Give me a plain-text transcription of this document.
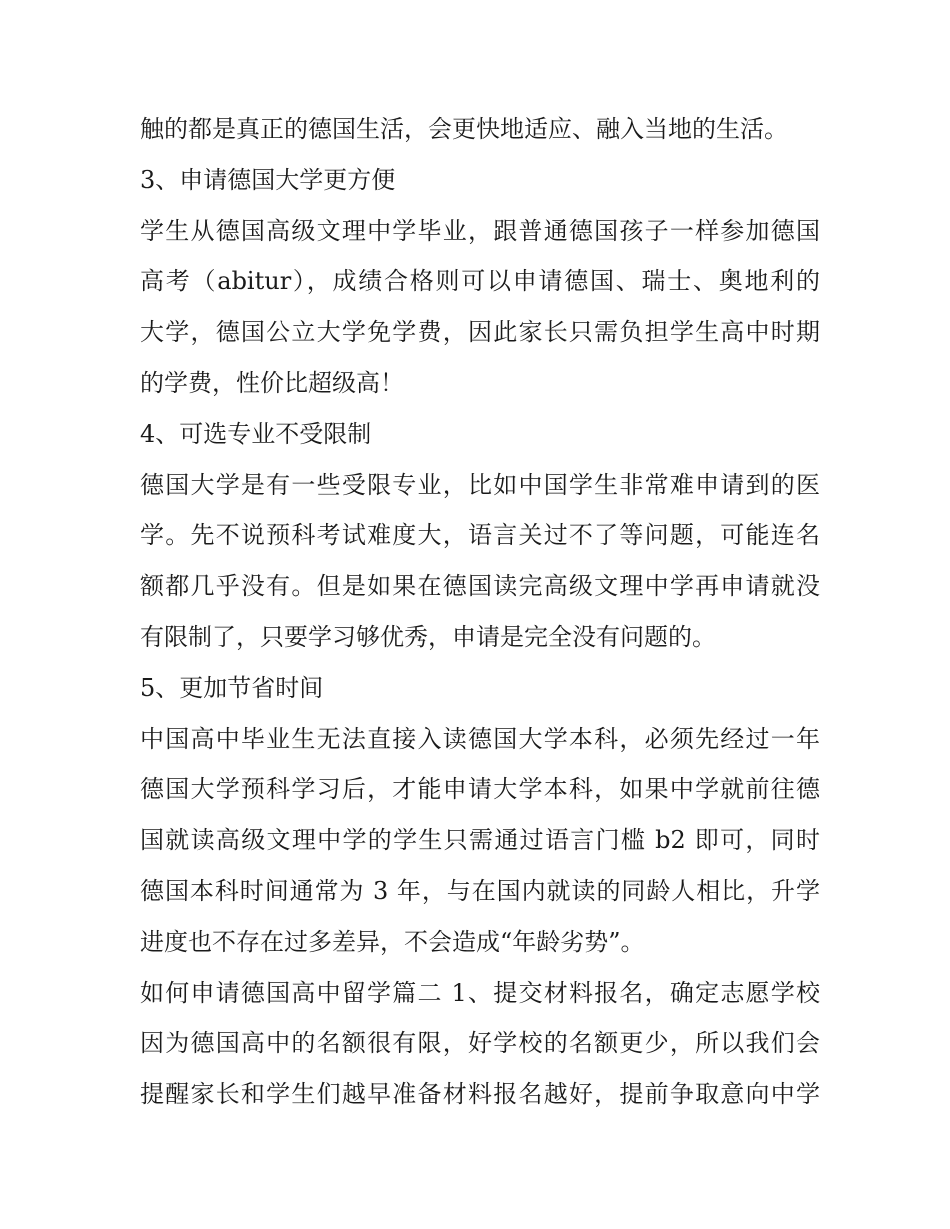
触的都是真正的德国生活，会更快地适应、融入当地的生活。
3、申请德国大学更方便
学生从德国高级文理中学毕业，跟普通德国孩子一样参加德国
高考（abitur），成绩合格则可以申请德国、瑞士、奥地利的
大学，德国公立大学免学费，因此家长只需负担学生高中时期
的学费，性价比超级高！
4、可选专业不受限制
德国大学是有一些受限专业，比如中国学生非常难申请到的医
学。先不说预科考试难度大，语言关过不了等问题，可能连名
额都几乎没有。但是如果在德国读完高级文理中学再申请就没
有限制了，只要学习够优秀，申请是完全没有问题的。
5、更加节省时间
中国高中毕业生无法直接入读德国大学本科，必须先经过一年
德国大学预科学习后，才能申请大学本科，如果中学就前往德
国就读高级文理中学的学生只需通过语言门槛 b2 即可，同时
德国本科时间通常为 3 年，与在国内就读的同龄人相比，升学
进度也不存在过多差异，不会造成“年龄劣势”。
如何申请德国高中留学篇二 1、提交材料报名，确定志愿学校
因为德国高中的名额很有限，好学校的名额更少，所以我们会
提醒家长和学生们越早准备材料报名越好，提前争取意向中学
